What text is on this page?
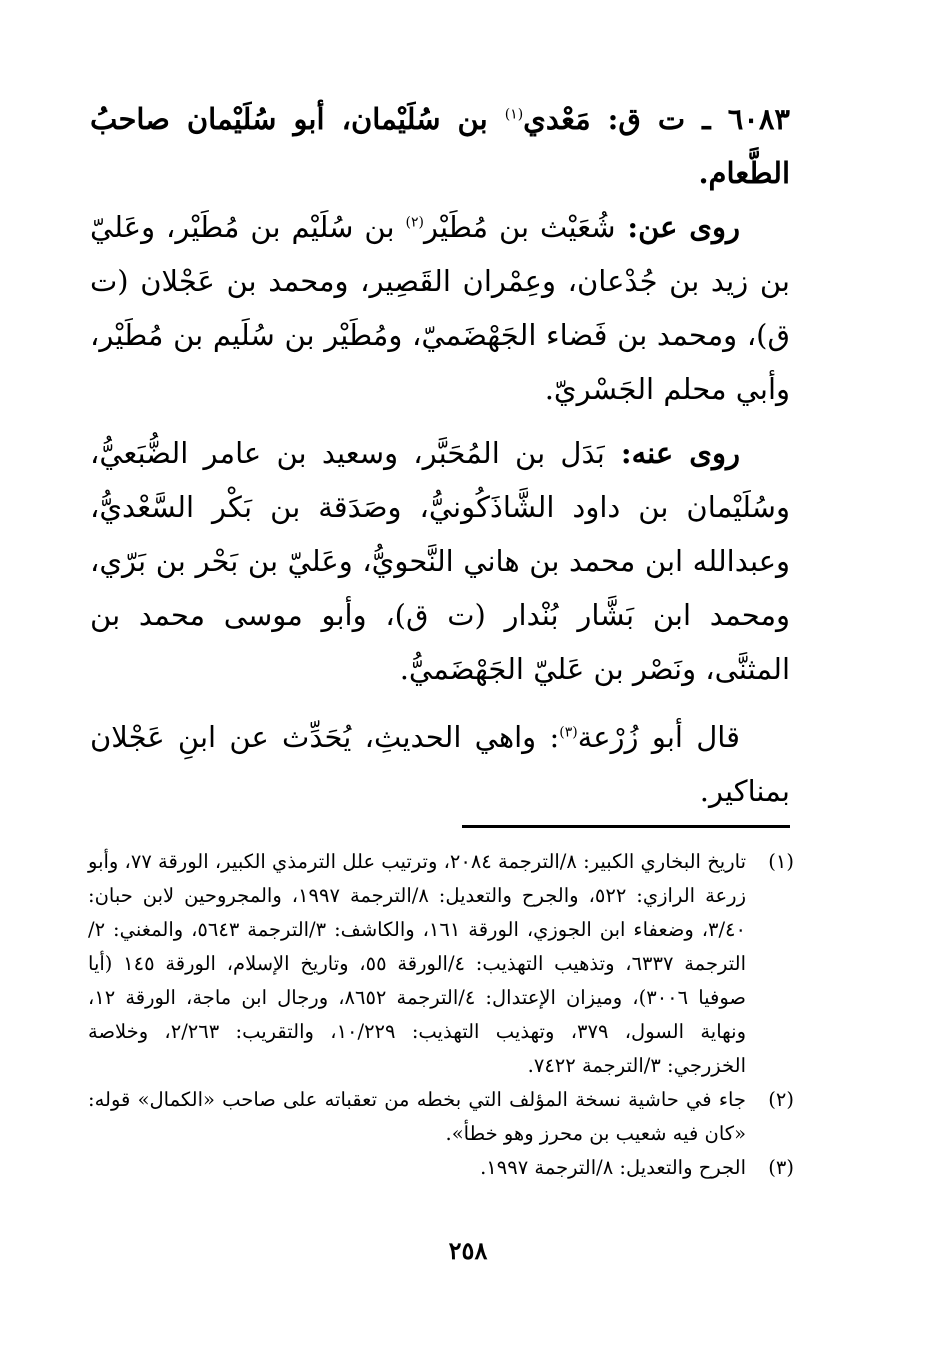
٦٠٨٣ ـ ت ق: مَعْدي$^{(١)}$ بن سُلَيْمان، أبو سُلَيْمان صاحبُ الطَّعام.

روى عن: شُعَيْث بن مُطَيْر$^{(٢)}$ بن سُلَيْم بن مُطَيْر، وعَليّ بن زيد بن جُدْعان، وعِمْران القَصِير، ومحمد بن عَجْلان (ت ق)، ومحمد بن فَضاء الجَهْضَميّ، ومُطَيْر بن سُلَيم بن مُطَيْر، وأبي محلم الجَسْريّ.

روى عنه: بَدَل بن المُحَبَّر، وسعيد بن عامر الضُّبَعيُّ، وسُلَيْمان بن داود الشَّاذَكُونيُّ، وصَدَقة بن بَكْر السَّعْديُّ، وعبدالله ابن محمد بن هاني النَّحويُّ، وعَليّ بن بَحْر بن بَرّي، ومحمد ابن بَشَّار بُنْدار (ت ق)، وأبو موسى محمد بن المثنَّى، ونَصْر بن عَليّ الجَهْضَميُّ.

قال أبو زُرْعة$^{(٣)}$: واهي الحديثِ، يُحَدِّث عن ابنِ عَجْلان بمناكير.

(١)
تاريخ البخاري الكبير: ٨/الترجمة ٢٠٨٤، وترتيب علل الترمذي الكبير، الورقة ٧٧، وأبو زرعة الرازي: ٥٢٢، والجرح والتعديل: ٨/الترجمة ١٩٩٧، والمجروحين لابن حبان: ٣/٤٠، وضعفاء ابن الجوزي، الورقة ١٦١، والكاشف: ٣/الترجمة ٥٦٤٣، والمغني: ٢/الترجمة ٦٣٣٧، وتذهيب التهذيب: ٤/الورقة ٥٥، وتاريخ الإسلام، الورقة ١٤٥ (أيا صوفيا ٣٠٠٦)، وميزان الإعتدال: ٤/الترجمة ٨٦٥٢، ورجال ابن ماجة، الورقة ١٢، ونهاية السول، ٣٧٩، وتهذيب التهذيب: ١٠/٢٢٩، والتقريب: ٢/٢٦٣، وخلاصة الخزرجي: ٣/الترجمة ٧٤٢٢.
(٢)
جاء في حاشية نسخة المؤلف التي بخطه من تعقباته على صاحب «الكمال» قوله: «كان فيه شعيب بن محرز وهو خطأ».
(٣)
الجرح والتعديل: ٨/الترجمة ١٩٩٧.
٢٥٨
